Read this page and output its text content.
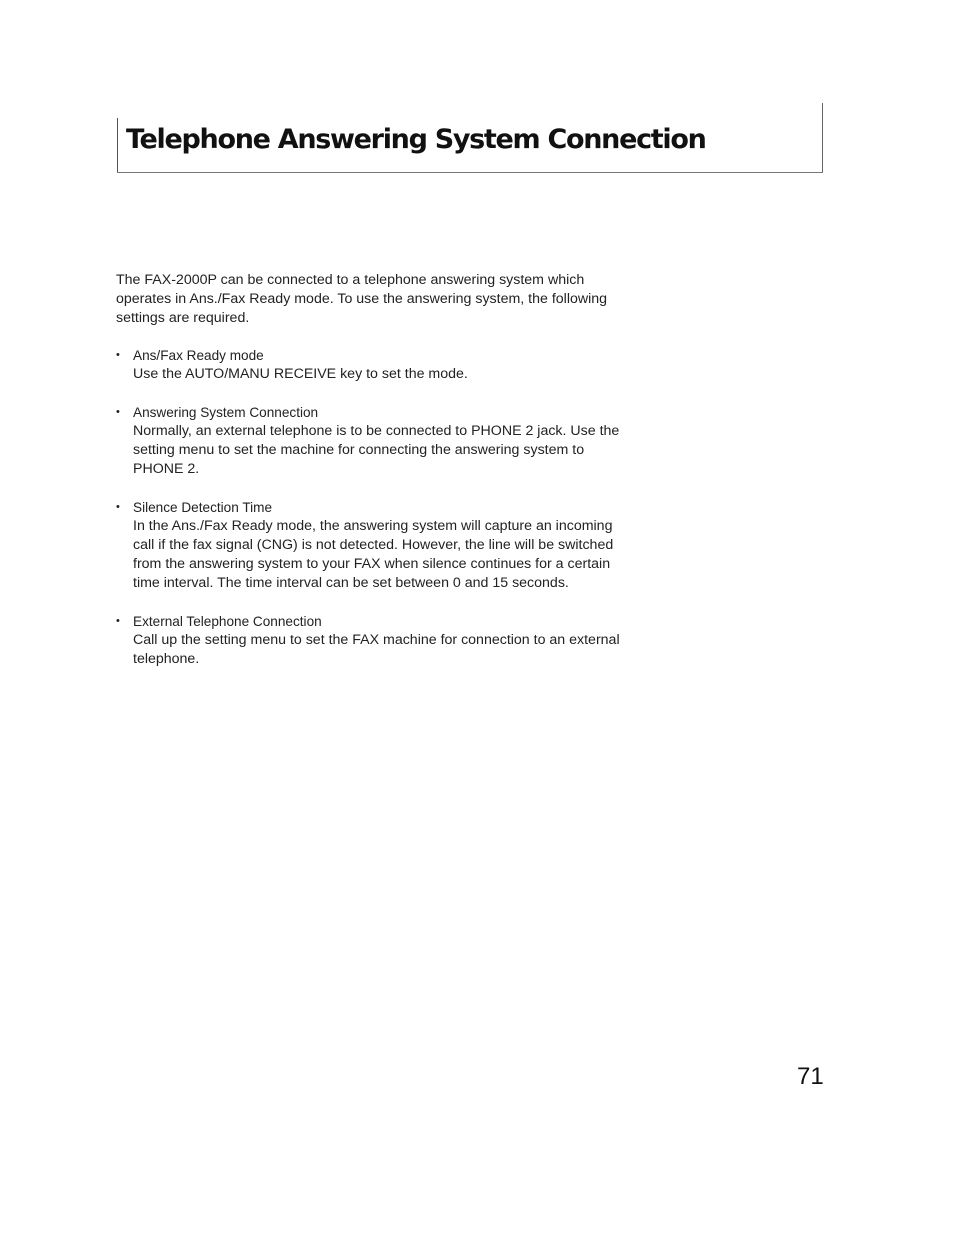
Telephone Answering System Connection

The FAX-2000P can be connected to a telephone answering system which operates in Ans./Fax Ready mode. To use the answering system, the following settings are required.

• Ans/Fax Ready mode
Use the AUTO/MANU RECEIVE key to set the mode.
• Answering System Connection
Normally, an external telephone is to be connected to PHONE 2 jack. Use the setting menu to set the machine for connecting the answering system to PHONE 2.
• Silence Detection Time
In the Ans./Fax Ready mode, the answering system will capture an incoming call if the fax signal (CNG) is not detected. However, the line will be switched from the answering system to your FAX when silence continues for a certain time interval. The time interval can be set between 0 and 15 seconds.
• External Telephone Connection
Call up the setting menu to set the FAX machine for connection to an external telephone.

71
